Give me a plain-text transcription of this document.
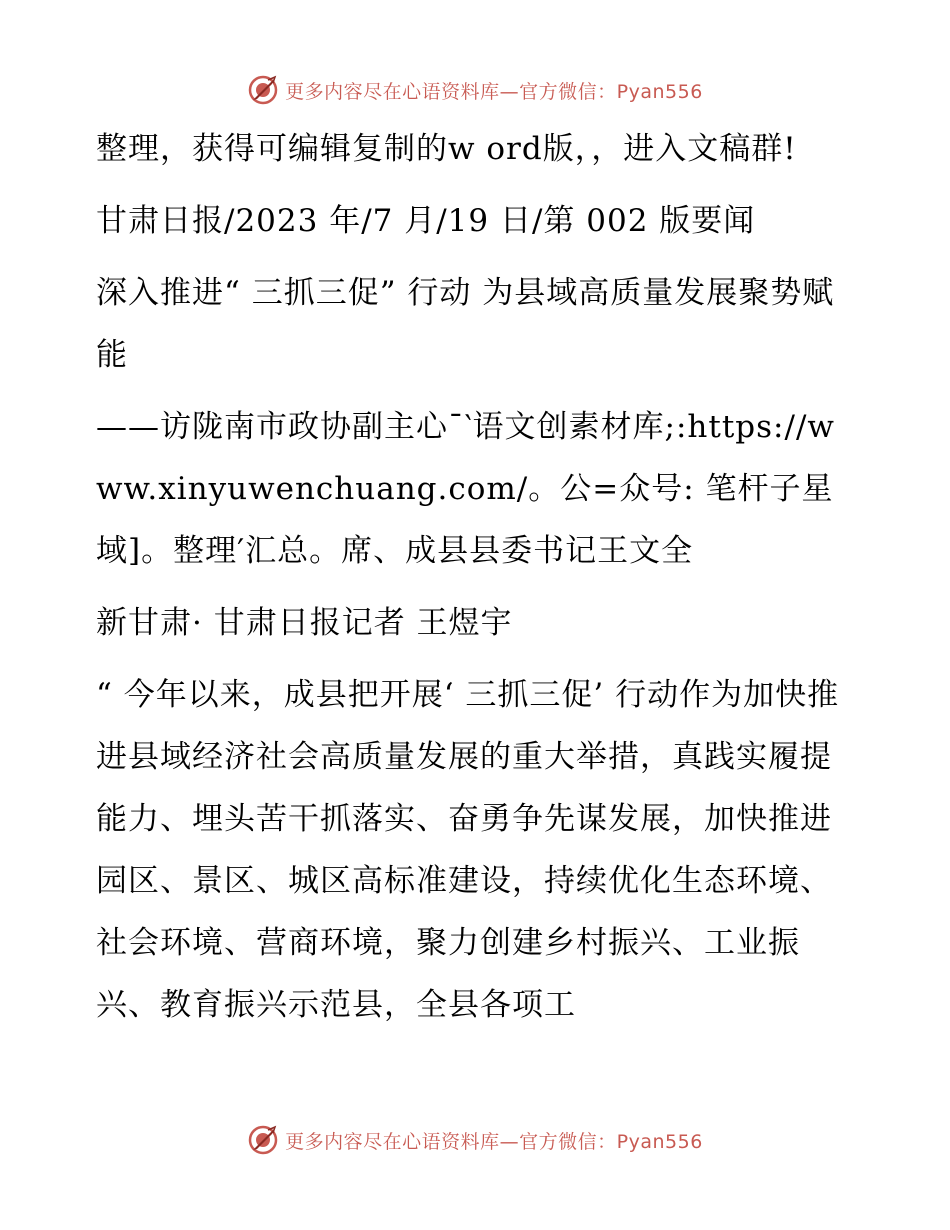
更多内容尽在心语资料库—官方微信：Pyan556

整理，获得可编辑复制的w ord版，，进入文稿群!

甘肃日报/2023 年/7 月/19 日/第 002 版要闻

深入推进“ 三抓三促” 行动 为县域高质量发展聚势赋能

——访陇南市政协副主心¯‵语文创素材库;:https://www.xinyuwenchuang.com/。公=众号: 笔杆子星域]。整理′汇总。席、成县县委书记王文全

新甘肃· 甘肃日报记者 王煜宇

“ 今年以来，成县把开展‘ 三抓三促’ 行动作为加快推进县域经济社会高质量发展的重大举措，真践实履提能力、埋头苦干抓落实、奋勇争先谋发展，加快推进园区、景区、城区高标准建设，持续优化生态环境、社会环境、营商环境，聚力创建乡村振兴、工业振兴、教育振兴示范县，全县各项工

更多内容尽在心语资料库—官方微信：Pyan556
